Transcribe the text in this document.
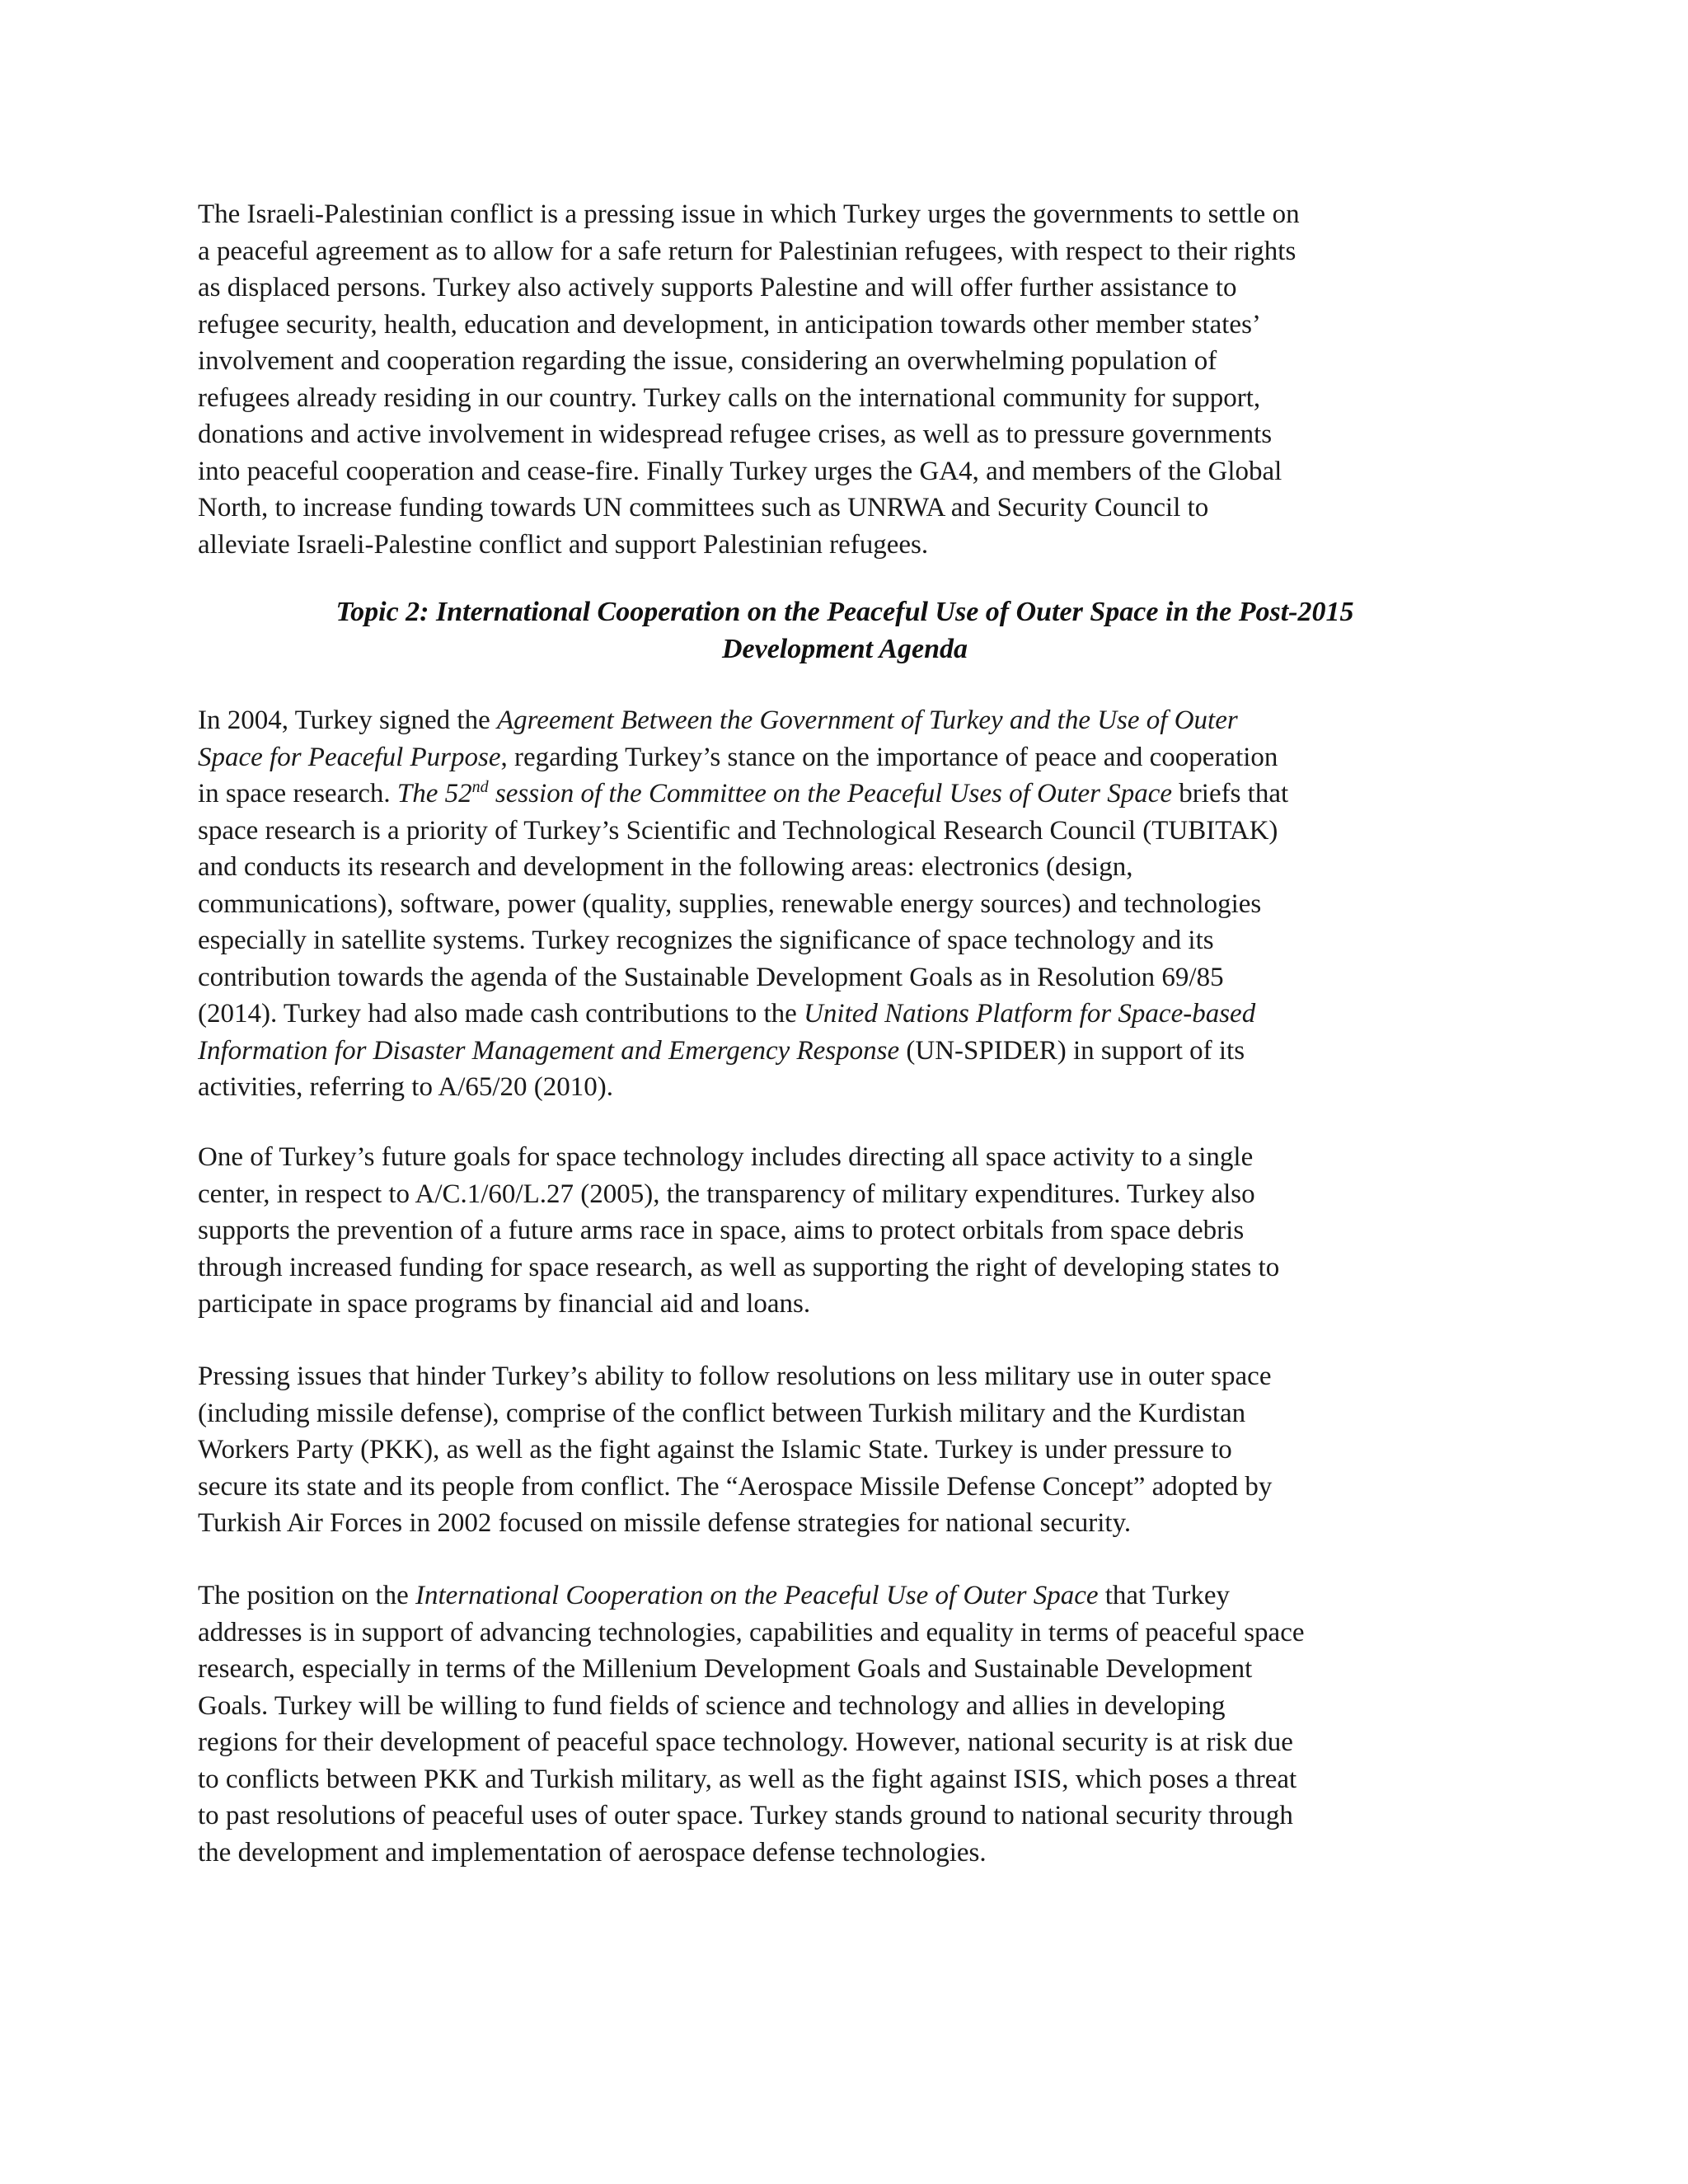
The Israeli-Palestinian conflict is a pressing issue in which Turkey urges the governments to settle on
a peaceful agreement as to allow for a safe return for Palestinian refugees, with respect to their rights
as displaced persons. Turkey also actively supports Palestine and will offer further assistance to
refugee security, health, education and development, in anticipation towards other member states’
involvement and cooperation regarding the issue, considering an overwhelming population of
refugees already residing in our country. Turkey calls on the international community for support,
donations and active involvement in widespread refugee crises, as well as to pressure governments
into peaceful cooperation and cease-fire. Finally Turkey urges the GA4, and members of the Global
North, to increase funding towards UN committees such as UNRWA and Security Council to
alleviate Israeli-Palestine conflict and support Palestinian refugees.
Topic 2: International Cooperation on the Peaceful Use of Outer Space in the Post-2015
Development Agenda
In 2004, Turkey signed the Agreement Between the Government of Turkey and the Use of Outer
Space for Peaceful Purpose, regarding Turkey’s stance on the importance of peace and cooperation
in space research. The 52nd session of the Committee on the Peaceful Uses of Outer Space briefs that
space research is a priority of Turkey’s Scientific and Technological Research Council (TUBITAK)
and conducts its research and development in the following areas: electronics (design,
communications), software, power (quality, supplies, renewable energy sources) and technologies
especially in satellite systems. Turkey recognizes the significance of space technology and its
contribution towards the agenda of the Sustainable Development Goals as in Resolution 69/85
(2014). Turkey had also made cash contributions to the United Nations Platform for Space-based
Information for Disaster Management and Emergency Response (UN-SPIDER) in support of its
activities, referring to A/65/20 (2010).
One of Turkey’s future goals for space technology includes directing all space activity to a single
center, in respect to A/C.1/60/L.27 (2005), the transparency of military expenditures. Turkey also
supports the prevention of a future arms race in space, aims to protect orbitals from space debris
through increased funding for space research, as well as supporting the right of developing states to
participate in space programs by financial aid and loans.
Pressing issues that hinder Turkey’s ability to follow resolutions on less military use in outer space
(including missile defense), comprise of the conflict between Turkish military and the Kurdistan
Workers Party (PKK), as well as the fight against the Islamic State. Turkey is under pressure to
secure its state and its people from conflict. The “Aerospace Missile Defense Concept” adopted by
Turkish Air Forces in 2002 focused on missile defense strategies for national security.
The position on the International Cooperation on the Peaceful Use of Outer Space that Turkey
addresses is in support of advancing technologies, capabilities and equality in terms of peaceful space
research, especially in terms of the Millenium Development Goals and Sustainable Development
Goals. Turkey will be willing to fund fields of science and technology and allies in developing
regions for their development of peaceful space technology. However, national security is at risk due
to conflicts between PKK and Turkish military, as well as the fight against ISIS, which poses a threat
to past resolutions of peaceful uses of outer space. Turkey stands ground to national security through
the development and implementation of aerospace defense technologies.
